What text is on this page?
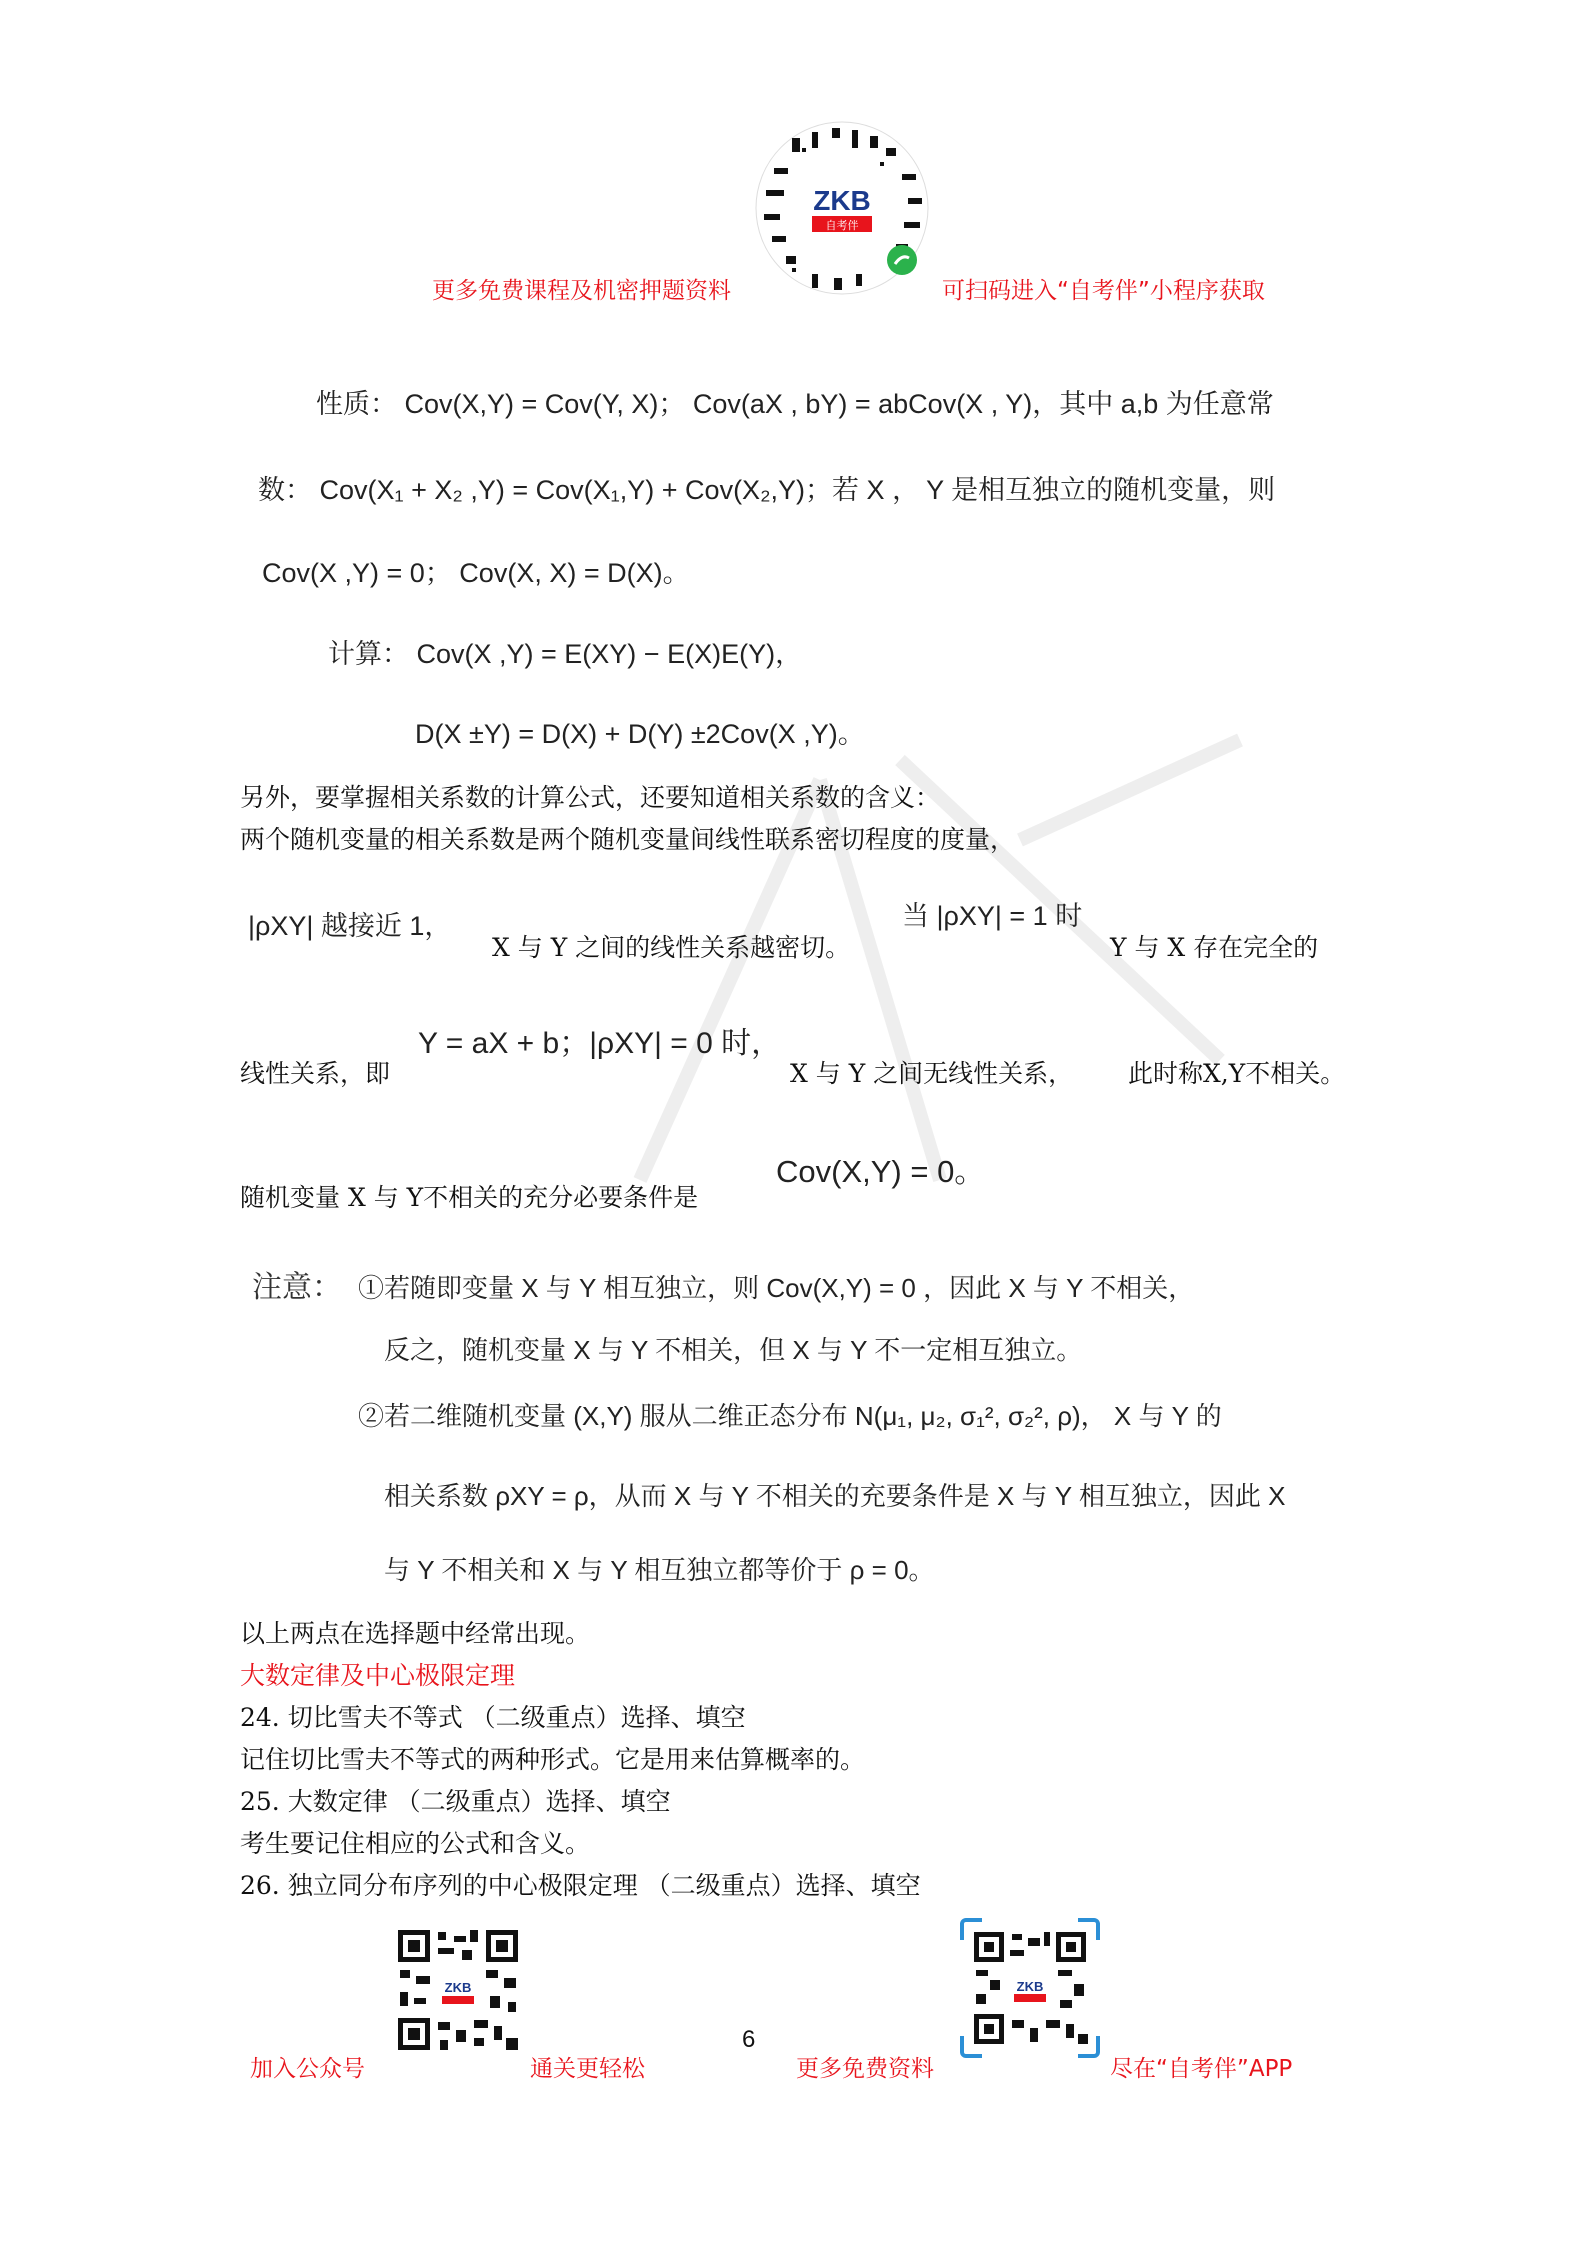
ZKB
自考伴
更多免费课程及机密押题资料	可扫码进入“自考伴”小程序获取
性质： Cov(X,Y) = Cov(Y, X)； Cov(aX , bY) = abCov(X , Y)，其中 a,b 为任意常
数： Cov(X₁ + X₂ ,Y) = Cov(X₁,Y) + Cov(X₂,Y)；若 X ， Y 是相互独立的随机变量，则
Cov(X ,Y) = 0； Cov(X, X) = D(X)。
计算： Cov(X ,Y) = E(XY) − E(X)E(Y)，
D(X ±Y) = D(X) + D(Y) ±2Cov(X ,Y)。
另外，要掌握相关系数的计算公式，还要知道相关系数的含义：
两个随机变量的相关系数是两个随机变量间线性联系密切程度的度量，
|ρXY| 越接近 1，
X 与 Y 之间的线性关系越密切。
当 |ρXY| = 1 时
Y 与 X 存在完全的
Y = aX + b；|ρXY| = 0 时，
线性关系，即	X 与 Y 之间无线性关系， 此时称X,Y不相关。
Cov(X,Y) = 0。
随机变量 X 与 Y不相关的充分必要条件是
注意： ①若随即变量 X 与 Y 相互独立，则 Cov(X,Y) = 0 ，因此 X 与 Y 不相关，
反之，随机变量 X 与 Y 不相关，但 X 与 Y 不一定相互独立。
②若二维随机变量 (X,Y) 服从二维正态分布 N(μ₁, μ₂, σ₁², σ₂², ρ)， X 与 Y 的
相关系数 ρXY = ρ，从而 X 与 Y 不相关的充要条件是 X 与 Y 相互独立，因此 X
与 Y 不相关和 X 与 Y 相互独立都等价于 ρ = 0。
以上两点在选择题中经常出现。
大数定律及中心极限定理
24. 切比雪夫不等式 （二级重点）选择、填空
记住切比雪夫不等式的两种形式。它是用来估算概率的。
25. 大数定律 （二级重点）选择、填空
考生要记住相应的公式和含义。
26. 独立同分布序列的中心极限定理 （二级重点）选择、填空
加入公众号
ZKB
通关更轻松
6
更多免费资料
ZKB
尽在“自考伴”APP
